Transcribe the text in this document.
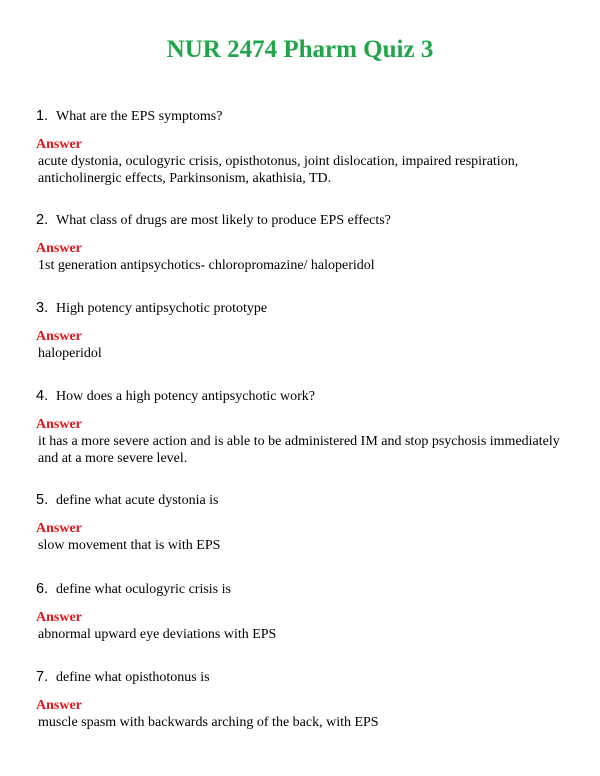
NUR 2474 Pharm Quiz 3

1. What are the EPS symptoms?

Answer

acute dystonia, oculogyric crisis, opisthotonus, joint dislocation, impaired respiration, anticholinergic effects, Parkinsonism, akathisia, TD.

2. What class of drugs are most likely to produce EPS effects?

Answer

1st generation antipsychotics- chloropromazine/ haloperidol

3. High potency antipsychotic prototype

Answer

haloperidol

4. How does a high potency antipsychotic work?

Answer

it has a more severe action and is able to be administered IM and stop psychosis immediately and at a more severe level.

5. define what acute dystonia is

Answer

slow movement that is with EPS

6. define what oculogyric crisis is

Answer

abnormal upward eye deviations with EPS

7. define what opisthotonus is

Answer

muscle spasm with backwards arching of the back, with EPS
